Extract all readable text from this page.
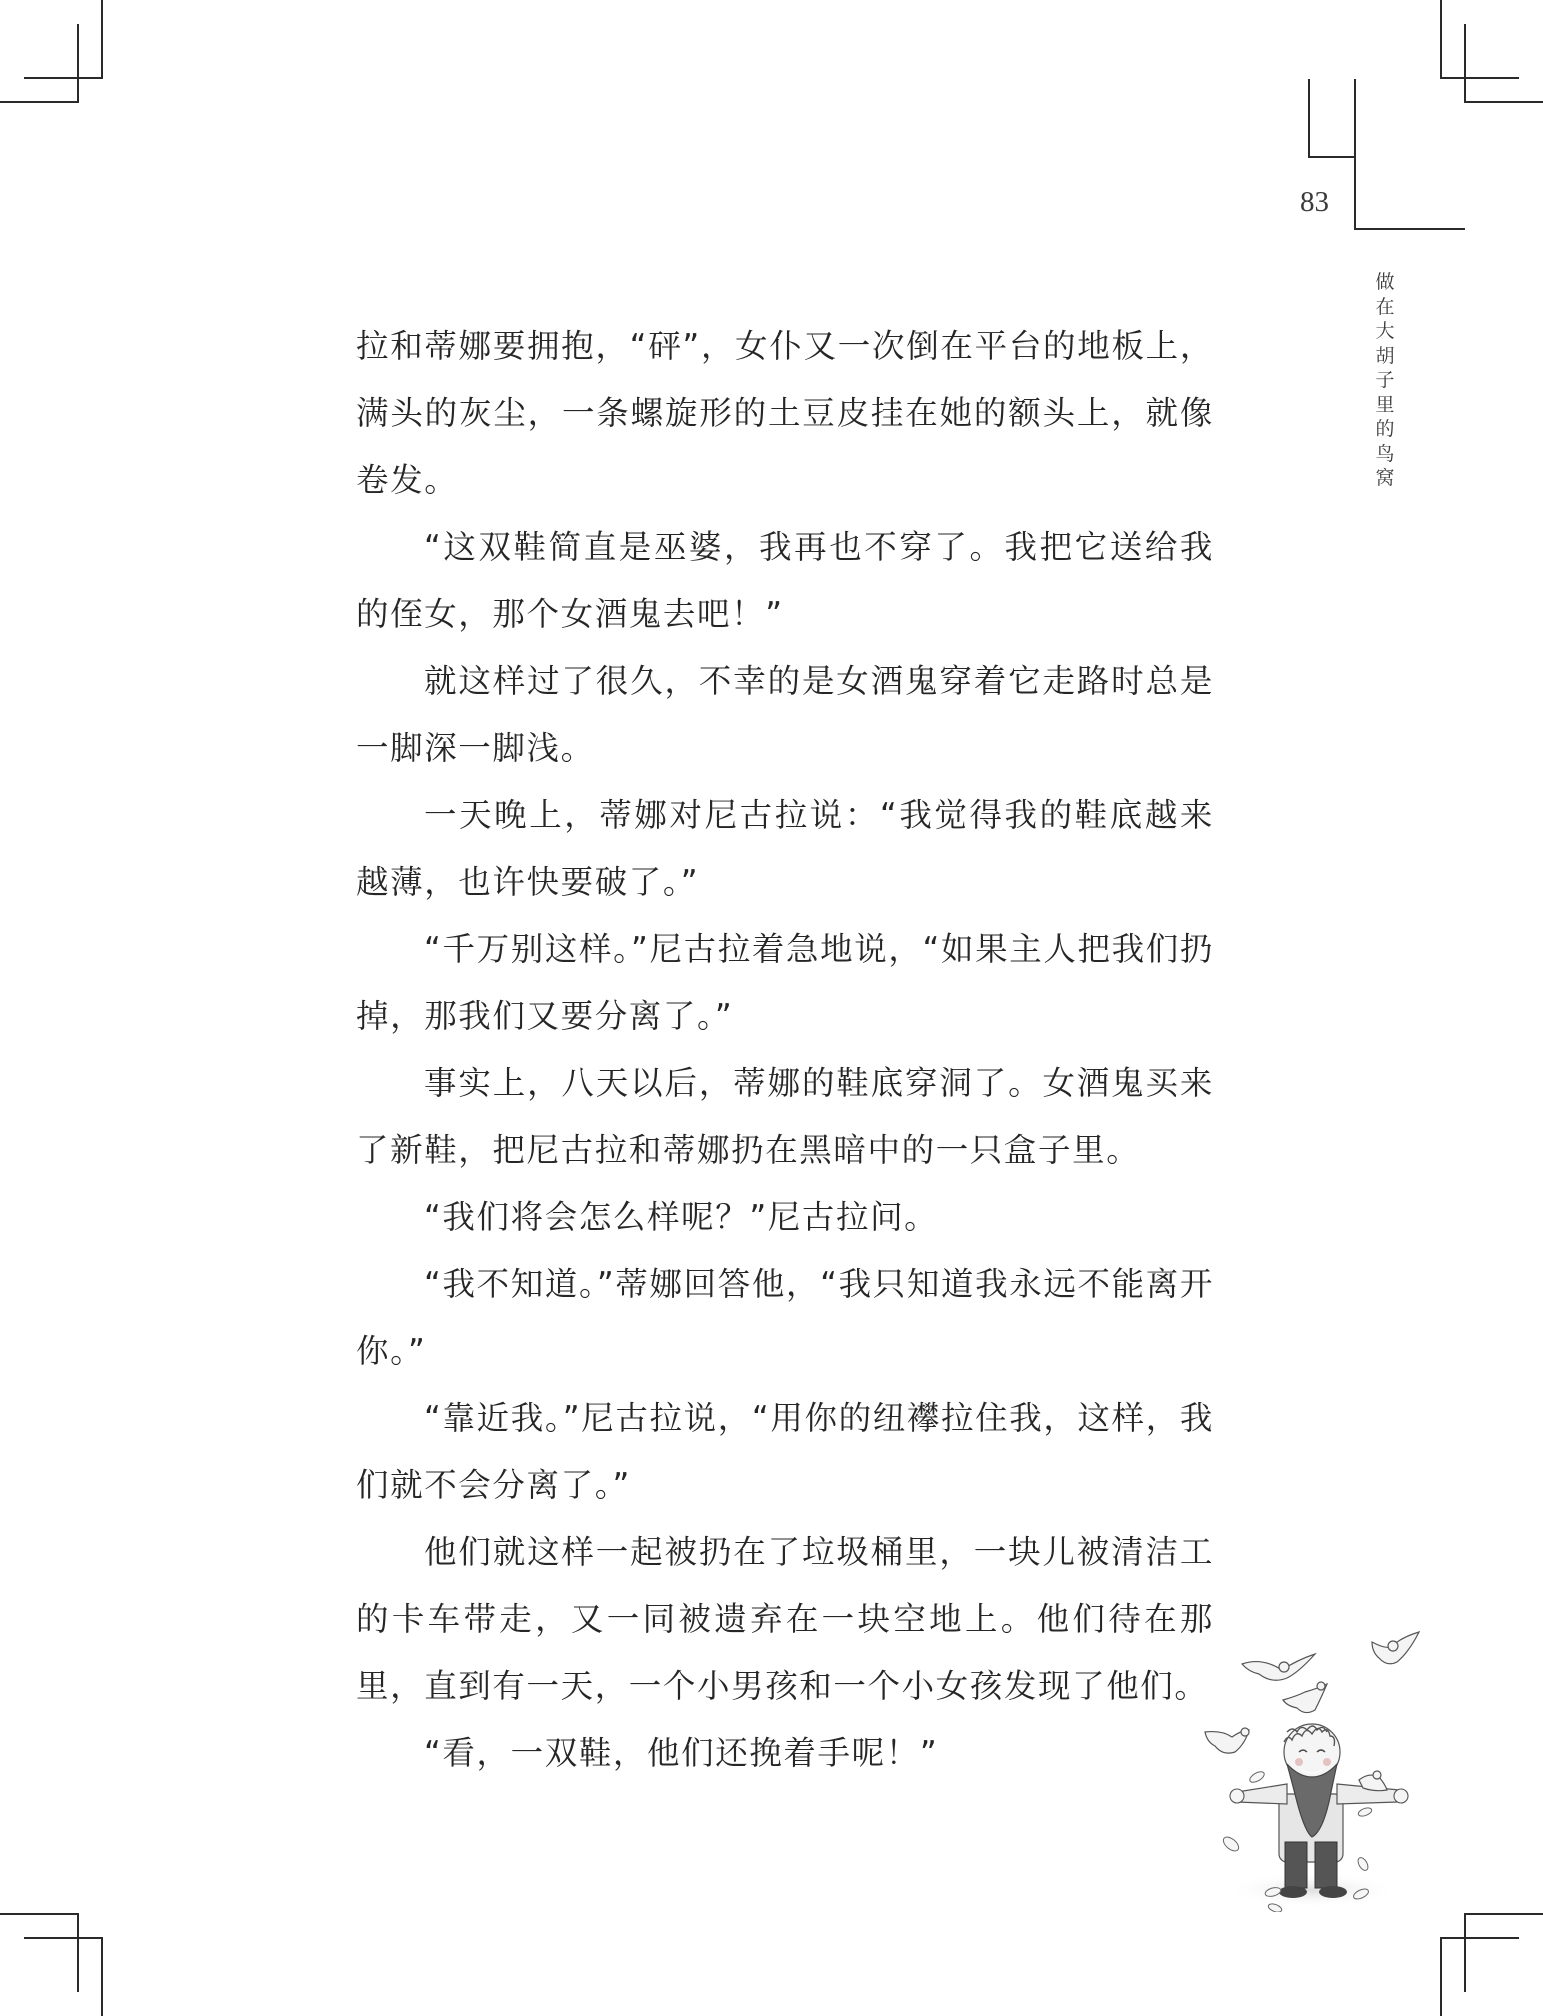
83
做在大胡子里的鸟窝

拉和蒂娜要拥抱，“砰”，女仆又一次倒在平台的地板上，满头的灰尘，一条螺旋形的土豆皮挂在她的额头上，就像卷发。

“这双鞋简直是巫婆，我再也不穿了。我把它送给我的侄女，那个女酒鬼去吧！”

就这样过了很久，不幸的是女酒鬼穿着它走路时总是一脚深一脚浅。

一天晚上，蒂娜对尼古拉说：“我觉得我的鞋底越来越薄，也许快要破了。”

“千万别这样。”尼古拉着急地说，“如果主人把我们扔掉，那我们又要分离了。”

事实上，八天以后，蒂娜的鞋底穿洞了。女酒鬼买来了新鞋，把尼古拉和蒂娜扔在黑暗中的一只盒子里。

“我们将会怎么样呢？”尼古拉问。

“我不知道。”蒂娜回答他，“我只知道我永远不能离开你。”

“靠近我。”尼古拉说，“用你的纽襻拉住我，这样，我们就不会分离了。”

他们就这样一起被扔在了垃圾桶里，一块儿被清洁工的卡车带走，又一同被遗弃在一块空地上。他们待在那里，直到有一天，一个小男孩和一个小女孩发现了他们。

“看，一双鞋，他们还挽着手呢！”
